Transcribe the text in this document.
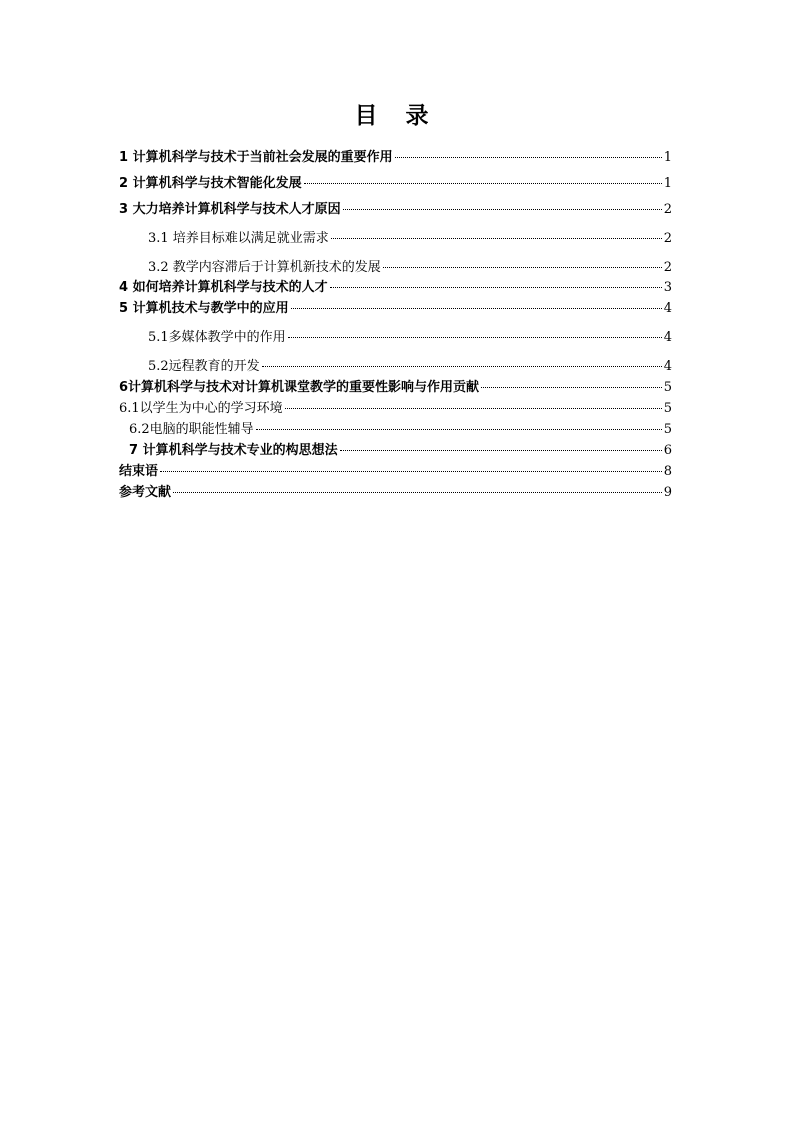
目 录
1 计算机科学与技术于当前社会发展的重要作用	1
2 计算机科学与技术智能化发展	1
3 大力培养计算机科学与技术人才原因	2
3.1 培养目标难以满足就业需求	2
3.2 教学内容滞后于计算机新技术的发展	2
4 如何培养计算机科学与技术的人才	3
5 计算机技术与教学中的应用	4
5.1多媒体教学中的作用	4
5.2远程教育的开发	4
6计算机科学与技术对计算机课堂教学的重要性影响与作用贡献	5
6.1以学生为中心的学习环境	5
6.2电脑的职能性辅导	5
7 计算机科学与技术专业的构思想法	6
结束语	8
参考文献	9
